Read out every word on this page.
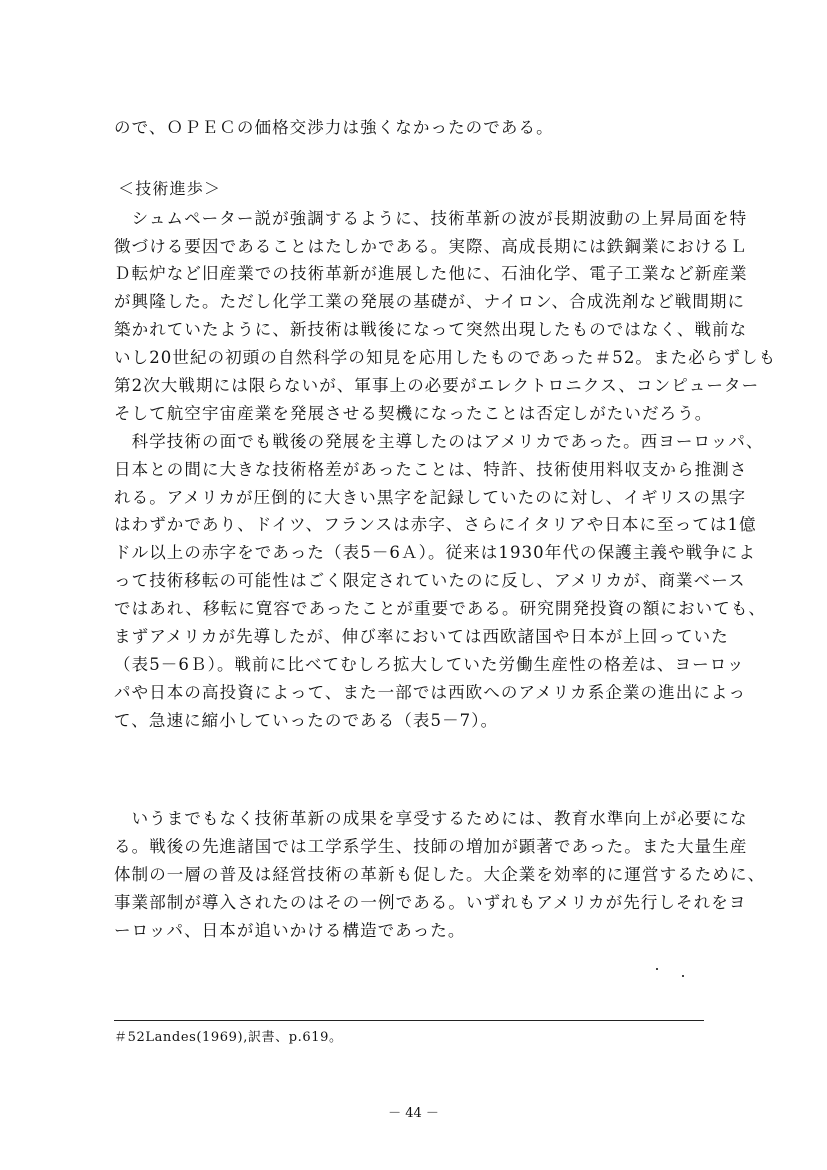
ので、ＯＰＥＣの価格交渉力は強くなかったのである。
＜技術進歩＞
　シュムペーター説が強調するように、技術革新の波が長期波動の上昇局面を特
徴づける要因であることはたしかである。実際、高成長期には鉄鋼業におけるＬ
Ｄ転炉など旧産業での技術革新が進展した他に、石油化学、電子工業など新産業
が興隆した。ただし化学工業の発展の基礎が、ナイロン、合成洗剤など戦間期に
築かれていたように、新技術は戦後になって突然出現したものではなく、戦前な
いし20世紀の初頭の自然科学の知見を応用したものであった＃52。また必らずしも
第2次大戦期には限らないが、軍事上の必要がエレクトロニクス、コンピューター
そして航空宇宙産業を発展させる契機になったことは否定しがたいだろう。
　科学技術の面でも戦後の発展を主導したのはアメリカであった。西ヨーロッパ、
日本との間に大きな技術格差があったことは、特許、技術使用料収支から推測さ
れる。アメリカが圧倒的に大きい黒字を記録していたのに対し、イギリスの黒字
はわずかであり、ドイツ、フランスは赤字、さらにイタリアや日本に至っては1億
ドル以上の赤字をであった（表5－6Ａ）。従来は1930年代の保護主義や戦争によ
って技術移転の可能性はごく限定されていたのに反し、アメリカが、商業ベース
ではあれ、移転に寛容であったことが重要である。研究開発投資の額においても、
まずアメリカが先導したが、伸び率においては西欧諸国や日本が上回っていた
（表5－6Ｂ）。戦前に比べてむしろ拡大していた労働生産性の格差は、ヨーロッ
パや日本の高投資によって、また一部では西欧へのアメリカ系企業の進出によっ
て、急速に縮小していったのである（表5－7）。
　いうまでもなく技術革新の成果を享受するためには、教育水準向上が必要にな
る。戦後の先進諸国では工学系学生、技師の増加が顕著であった。また大量生産
体制の一層の普及は経営技術の革新も促した。大企業を効率的に運営するために、
事業部制が導入されたのはその一例である。いずれもアメリカが先行しそれをヨ
ーロッパ、日本が追いかける構造であった。
＃52Landes(1969),訳書、p.619。
－ 44 －
